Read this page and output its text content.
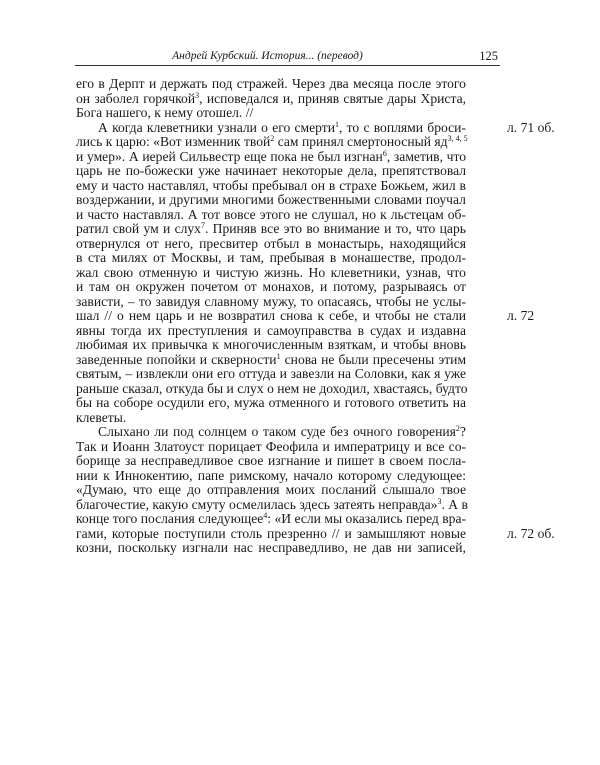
Андрей Курбский. История... (перевод)	125
его в Дерпт и держать под стражей. Через два месяца после этого
он заболел горячкой$^3$, исповедался и, приняв святые дары Христа,
Бога нашего, к нему отошел. //
А когда клеветники узнали о его смерти$^1$, то с воплями броси-	л. 71 об.
лись к царю: «Вот изменник твой$^2$ сам принял смертоносный яд$^{3, 4, 5}$
и умер». А иерей Сильвестр еще пока не был изгнан$^6$, заметив, что
царь не по-божески уже начинает некоторые дела, препятствовал
ему и часто наставлял, чтобы пребывал он в страхе Божьем, жил в
воздержании, и другими многими божественными словами поучал
и часто наставлял. А тот вовсе этого не слушал, но к льстецам об-
ратил свой ум и слух$^7$. Приняв все это во внимание и то, что царь
отвернулся от него, пресвитер отбыл в монастырь, находящийся
в ста милях от Москвы, и там, пребывая в монашестве, продол-
жал свою отменную и чистую жизнь. Но клеветники, узнав, что
и там он окружен почетом от монахов, и потому, разрываясь от
зависти, – то завидуя славному мужу, то опасаясь, чтобы не услы-
шал // о нем царь и не возвратил снова к себе, и чтобы не стали	л. 72
явны тогда их преступления и самоуправства в судах и издавна
любимая их привычка к многочисленным взяткам, и чтобы вновь
заведенные попойки и скверности$^1$ снова не были пресечены этим
святым, – извлекли они его оттуда и завезли на Соловки, как я уже
раньше сказал, откуда бы и слух о нем не доходил, хвастаясь, будто
бы на соборе осудили его, мужа отменного и готового ответить на
клеветы.
Слыхано ли под солнцем о таком суде без очного говорения$^2$?
Так и Иоанн Златоуст порицает Феофила и императрицу и все со-
борище за несправедливое свое изгнание и пишет в своем посла-
нии к Иннокентию, папе римскому, начало которому следующее:
«Думаю, что еще до отправления моих посланий слышало твое
благочестие, какую смуту осмелилась здесь затеять неправда»$^3$. А в
конце того послания следующее$^4$: «И если мы оказались перед вра-
гами, которые поступили столь презренно // и замышляют новые	л. 72 об.
козни, поскольку изгнали нас несправедливо, не дав ни записей,
